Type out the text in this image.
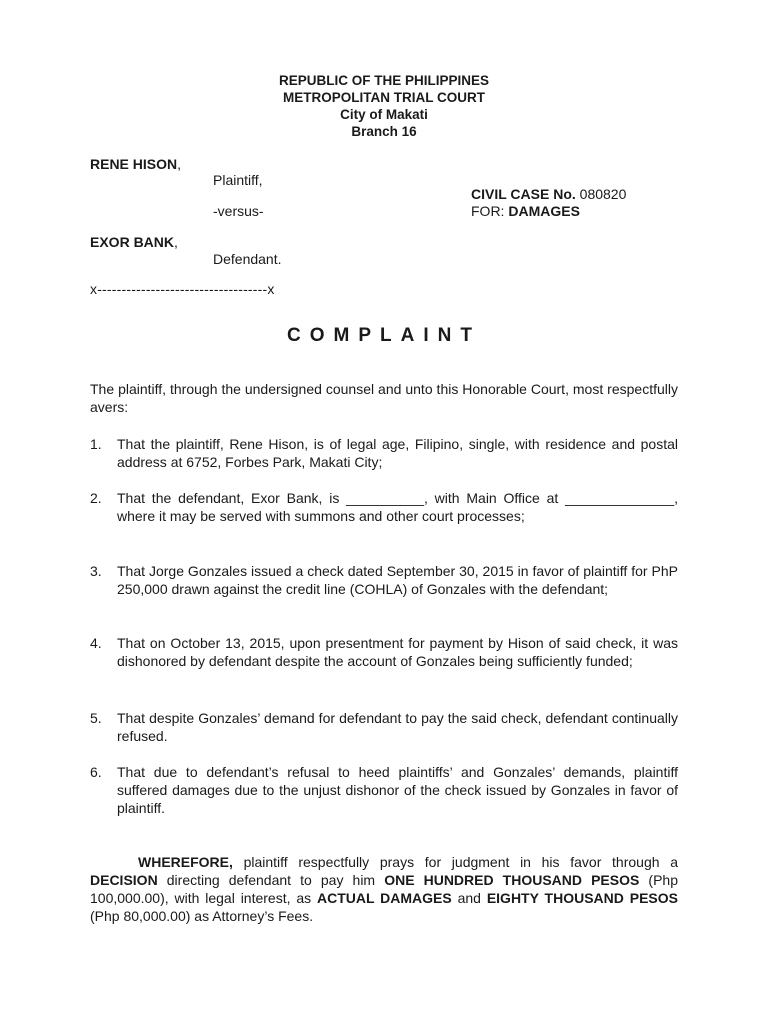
REPUBLIC OF THE PHILIPPINES
METROPOLITAN TRIAL COURT
City of Makati
Branch 16
RENE HISON,
Plaintiff,
CIVIL CASE No. 080820
-versus-	FOR: DAMAGES
EXOR BANK,
Defendant.
x-----------------------------------x
COMPLAINT
The plaintiff, through the undersigned counsel and unto this Honorable Court, most respectfully avers:
1.	That the plaintiff, Rene Hison, is of legal age, Filipino, single, with residence and postal address at 6752, Forbes Park, Makati City;
2.	That the defendant, Exor Bank, is __________, with Main Office at ______________, where it may be served with summons and other court processes;
3.	That Jorge Gonzales issued a check dated September 30, 2015 in favor of plaintiff for PhP 250,000 drawn against the credit line (COHLA) of Gonzales with the defendant;
4.	That on October 13, 2015, upon presentment for payment by Hison of said check, it was dishonored by defendant despite the account of Gonzales being sufficiently funded;
5.	That despite Gonzales’ demand for defendant to pay the said check, defendant continually refused.
6.	That due to defendant’s refusal to heed plaintiffs’ and Gonzales’ demands, plaintiff suffered damages due to the unjust dishonor of the check issued by Gonzales in favor of plaintiff.
WHEREFORE, plaintiff respectfully prays for judgment in his favor through a DECISION directing defendant to pay him ONE HUNDRED THOUSAND PESOS (Php 100,000.00), with legal interest, as ACTUAL DAMAGES and EIGHTY THOUSAND PESOS (Php 80,000.00) as Attorney’s Fees.
